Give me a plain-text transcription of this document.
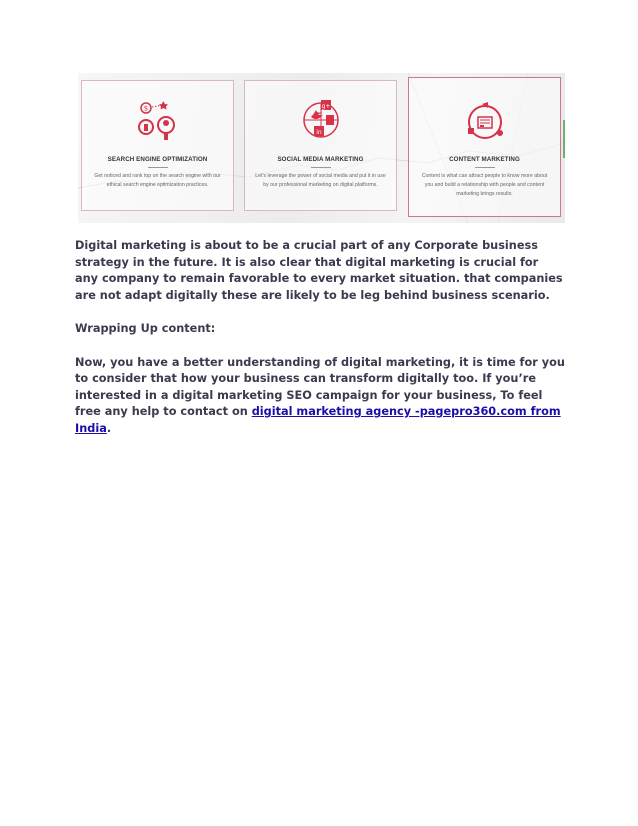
$
SEARCH ENGINE OPTIMIZATION
Get noticed and rank top on the search engine with our ethical search engine optimization practices.
g+
in
SOCIAL MEDIA MARKETING
Let's leverage the power of social media and put it in use by our professional marketing on digital platforms.
CONTENT MARKETING
Content is what can attract people to know more about you and build a relationship with people and content marketing brings results.

Digital marketing is about to be a crucial part of any Corporate business strategy in the future. It is also clear that digital marketing is crucial for any company to remain favorable to every market situation. that companies are not adapt digitally these are likely to be leg behind business scenario.

Wrapping Up content:

Now, you have a better understanding of digital marketing, it is time for you to consider that how your business can transform digitally too. If you’re interested in a digital marketing SEO campaign for your business, To feel free any help to contact on digital marketing agency -pagepro360.com from India.
